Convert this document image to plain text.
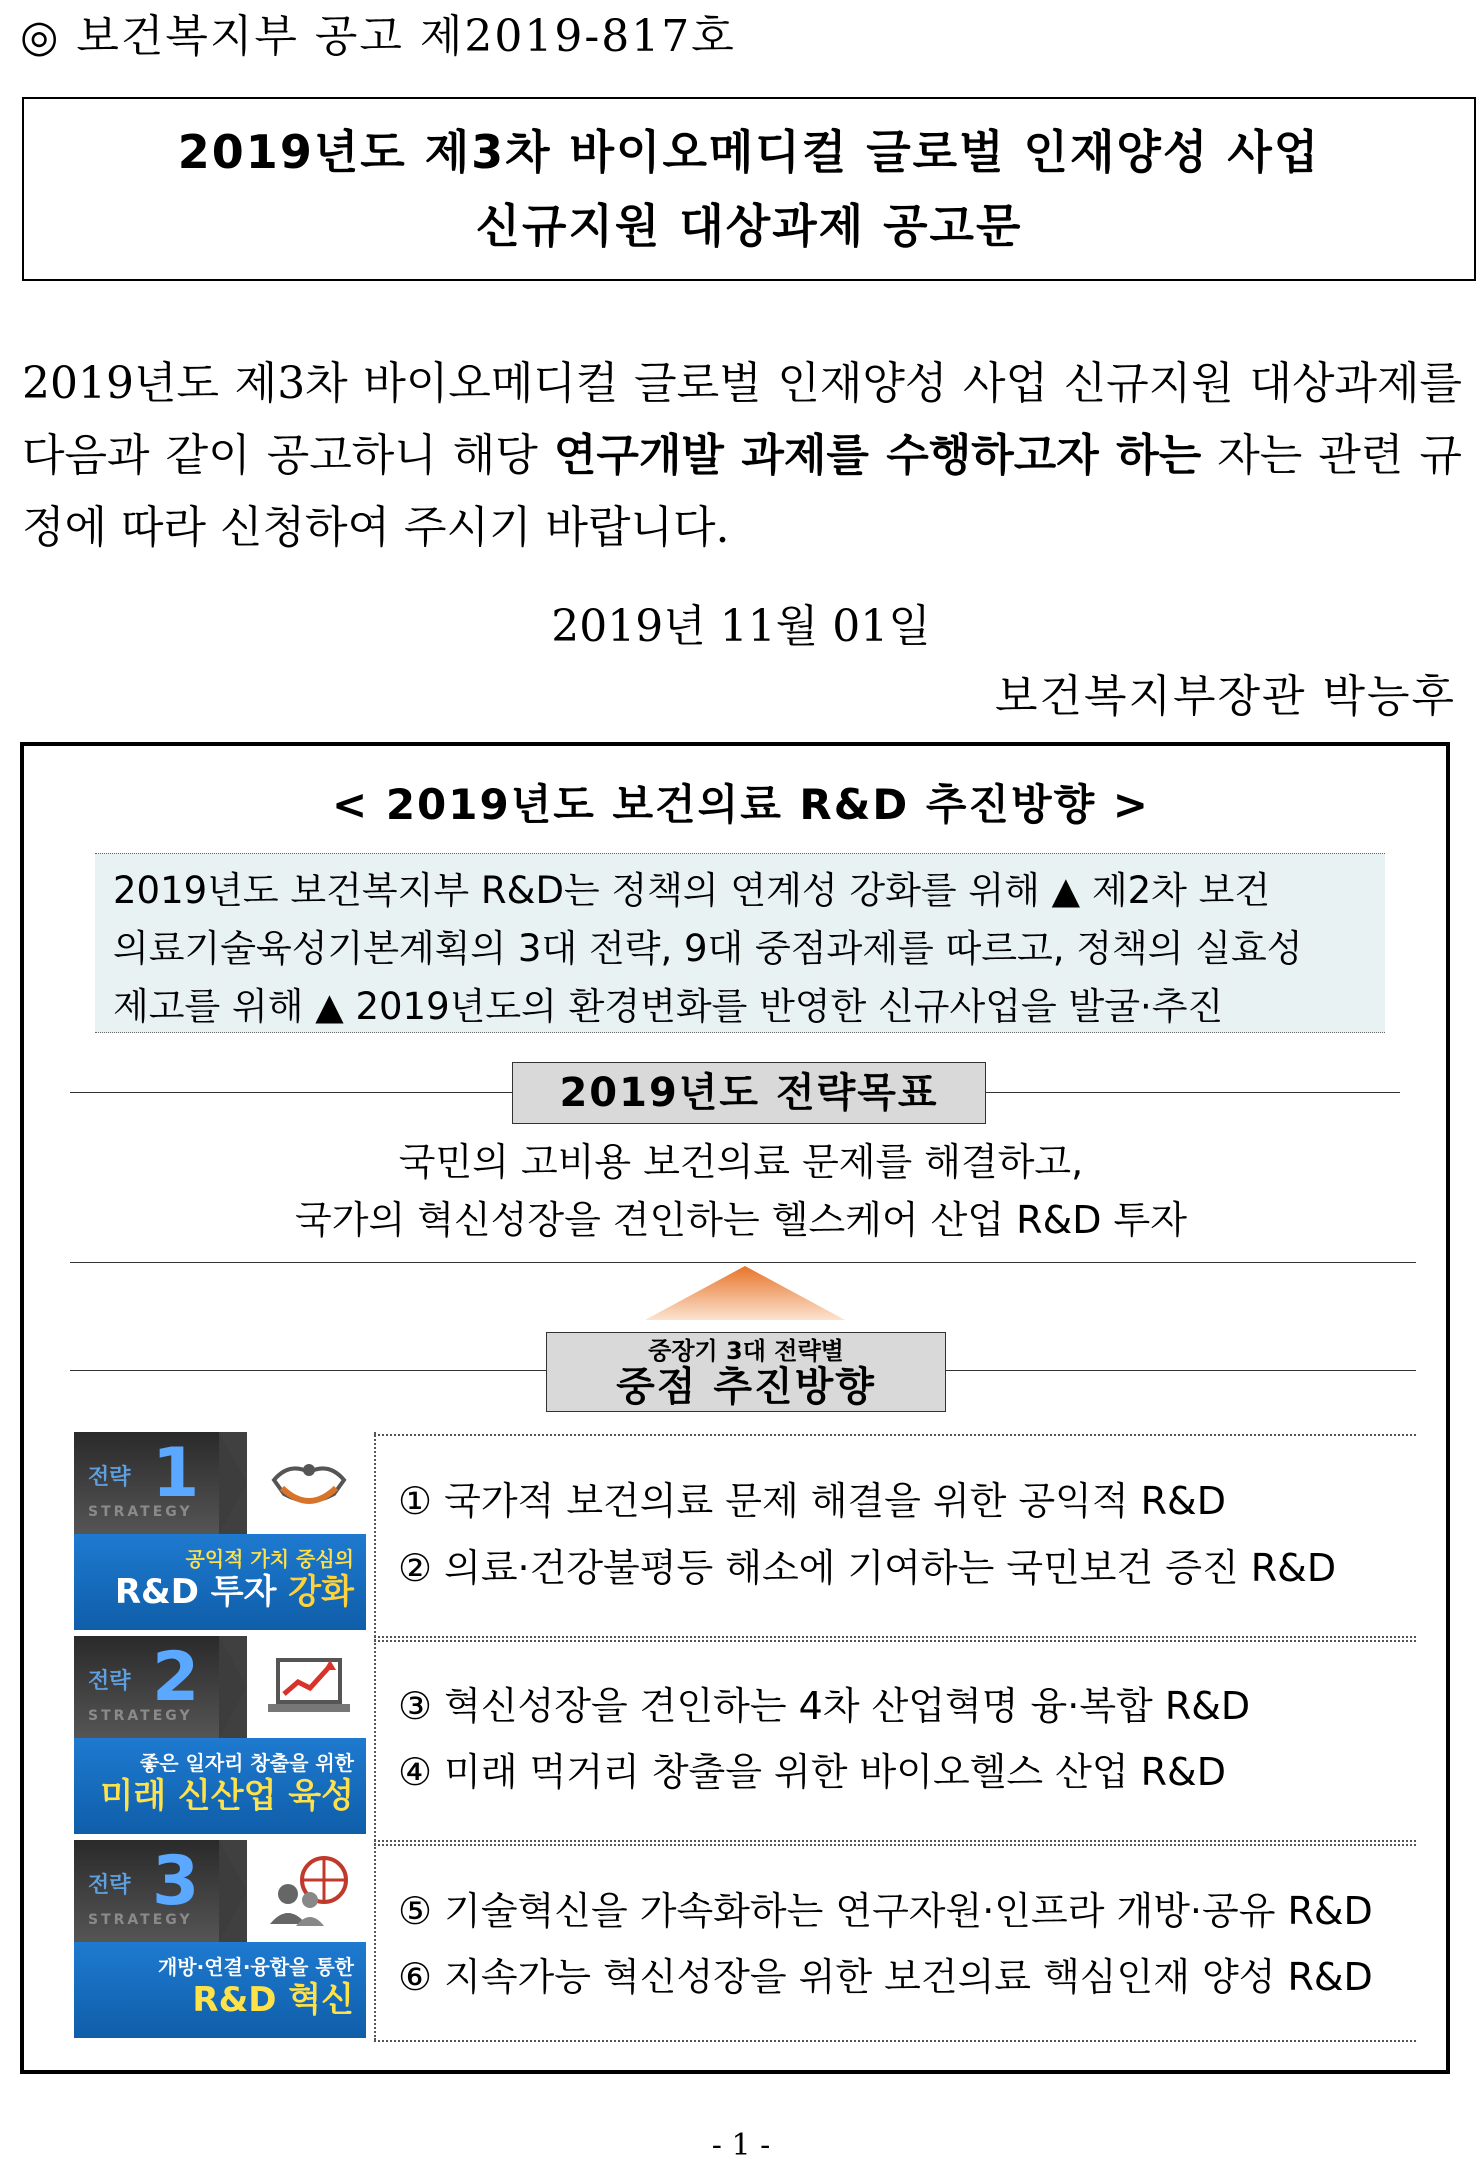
◎ 보건복지부 공고 제2019-817호
2019년도 제3차 바이오메디컬 글로벌 인재양성 사업
신규지원 대상과제 공고문
2019년도 제3차 바이오메디컬 글로벌 인재양성 사업 신규지원 대상과제를 다음과 같이 공고하니 해당 연구개발 과제를 수행하고자 하는 자는 관련 규정에 따라 신청하여 주시기 바랍니다.
2019년 11월 01일
보건복지부장관 박능후
< 2019년도 보건의료 R&D 추진방향 >
2019년도 보건복지부 R&D는 정책의 연계성 강화를 위해 ▲ 제2차 보건
의료기술육성기본계획의 3대 전략, 9대 중점과제를 따르고, 정책의 실효성
제고를 위해 ▲ 2019년도의 환경변화를 반영한 신규사업을 발굴·추진
2019년도 전략목표
국민의 고비용 보건의료 문제를 해결하고,
국가의 혁신성장을 견인하는 헬스케어 산업 R&D 투자
중장기 3대 전략별
중점 추진방향
전략 1
STRATEGY
공익적 가치 중심의
R&D 투자 강화
전략 2
STRATEGY
좋은 일자리 창출을 위한
미래 신산업 육성
전략 3
STRATEGY
개방·연결·융합을 통한
R&D 혁신
① 국가적 보건의료 문제 해결을 위한 공익적 R&D
② 의료·건강불평등 해소에 기여하는 국민보건 증진 R&D
③ 혁신성장을 견인하는 4차 산업혁명 융·복합 R&D
④ 미래 먹거리 창출을 위한 바이오헬스 산업 R&D
⑤ 기술혁신을 가속화하는 연구자원·인프라 개방·공유 R&D
⑥ 지속가능 혁신성장을 위한 보건의료 핵심인재 양성 R&D
- 1 -
